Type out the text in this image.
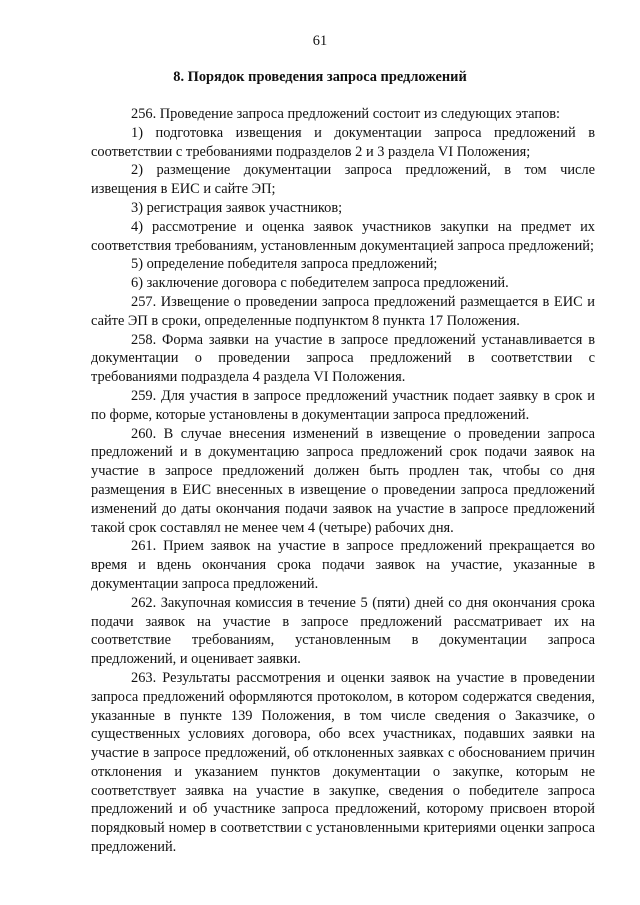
61
8. Порядок проведения запроса предложений

256. Проведение запроса предложений состоит из следующих этапов:

1) подготовка извещения и документации запроса предложений в соответствии с требованиями подразделов 2 и 3 раздела VI Положения;

2) размещение документации запроса предложений, в том числе извещения в ЕИС и сайте ЭП;

3) регистрация заявок участников;

4) рассмотрение и оценка заявок участников закупки на предмет их соответствия требованиям, установленным документацией запроса предложений;

5) определение победителя запроса предложений;

6) заключение договора с победителем запроса предложений.

257. Извещение о проведении запроса предложений размещается в ЕИС и сайте ЭП в сроки, определенные подпунктом 8 пункта 17 Положения.

258. Форма заявки на участие в запросе предложений устанавливается в документации о проведении запроса предложений в соответствии с требованиями подраздела 4 раздела VI Положения.

259. Для участия в запросе предложений участник подает заявку в срок и по форме, которые установлены в документации запроса предложений.

260. В случае внесения изменений в извещение о проведении запроса предложений и в документацию запроса предложений срок подачи заявок на участие в запросе предложений должен быть продлен так, чтобы со дня размещения в ЕИС внесенных в извещение о проведении запроса предложений изменений до даты окончания подачи заявок на участие в запросе предложений такой срок составлял не менее чем 4 (четыре) рабочих дня.

261. Прием заявок на участие в запросе предложений прекращается во время и вдень окончания срока подачи заявок на участие, указанные в документации запроса предложений.

262. Закупочная комиссия в течение 5 (пяти) дней со дня окончания срока подачи заявок на участие в запросе предложений рассматривает их на соответствие требованиям, установленным в документации запроса предложений, и оценивает заявки.

263. Результаты рассмотрения и оценки заявок на участие в проведении запроса предложений оформляются протоколом, в котором содержатся сведения, указанные в пункте 139 Положения, в том числе сведения о Заказчике, о существенных условиях договора, обо всех участниках, подавших заявки на участие в запросе предложений, об отклоненных заявках с обоснованием причин отклонения и указанием пунктов документации о закупке, которым не соответствует заявка на участие в закупке, сведения о победителе запроса предложений и об участнике запроса предложений, которому присвоен второй порядковый номер в соответствии с установленными критериями оценки запроса предложений.
